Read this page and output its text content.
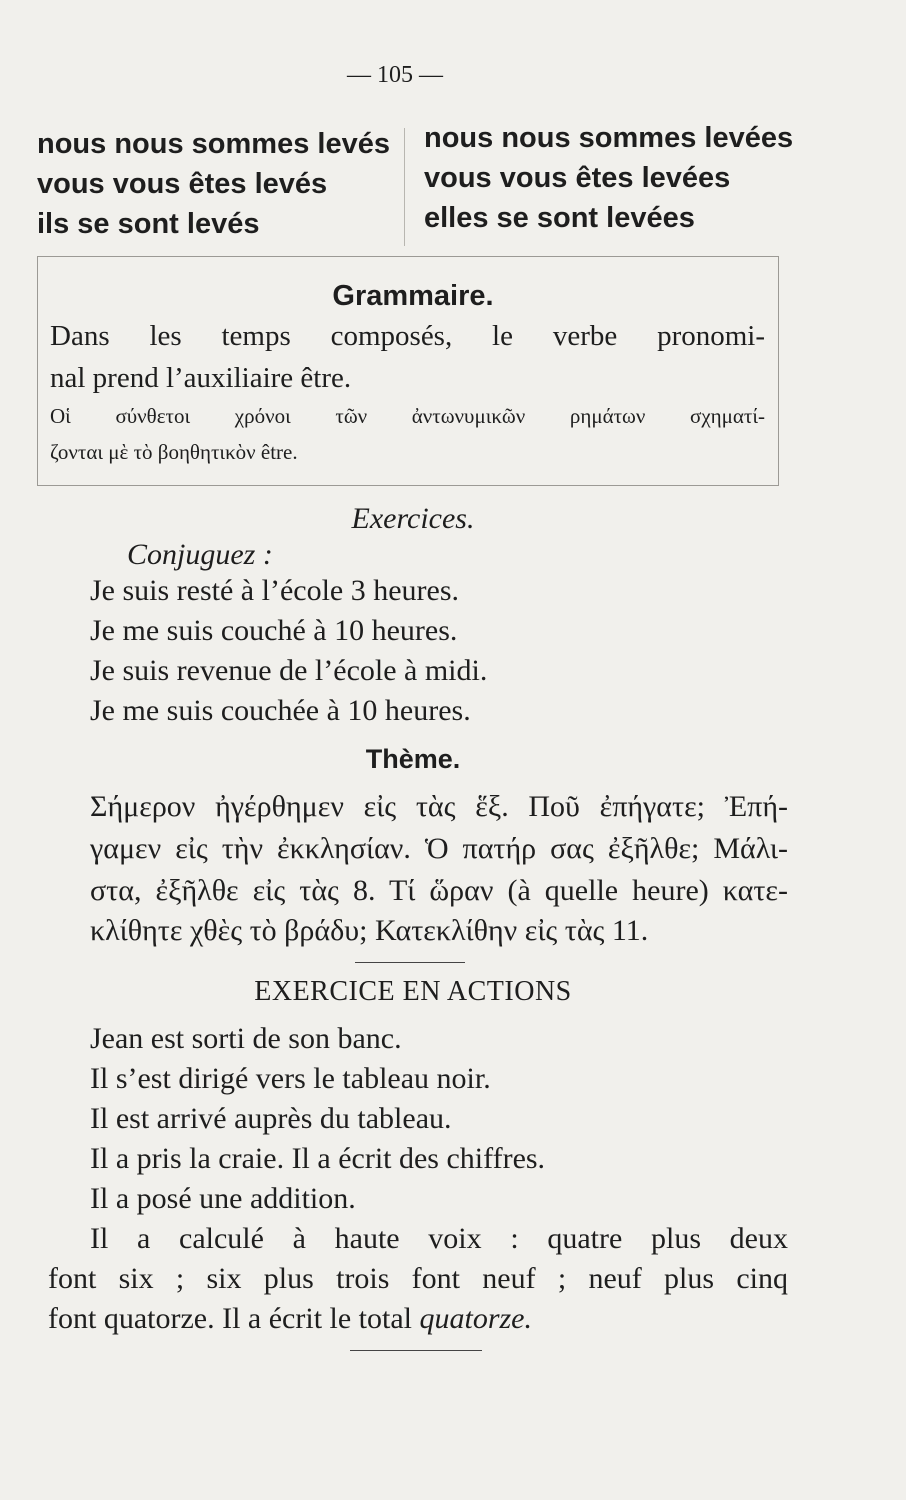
— 105 —
nous nous sommes levés
vous vous êtes levés
ils se sont levés
nous nous sommes levées
vous vous êtes levées
elles se sont levées
Grammaire.
Dans les temps composés, le verbe pronomi-
nal prend l’auxiliaire être.
Οἱ σύνθετοι χρόνοι τῶν ἀντωνυμικῶν ρημάτων σχηματί-
ζονται μὲ τὸ βοηθητικὸν être.
Exercices.
Conjuguez :
Je suis resté à l’école 3 heures.
Je me suis couché à 10 heures.
Je suis revenue de l’école à midi.
Je me suis couchée à 10 heures.
Thème.
Σήμερον ἠγέρθημεν εἰς τὰς ἕξ. Ποῦ ἐπήγατε; Ἐπή-
γαμεν εἰς τὴν ἐκκλησίαν. Ὁ πατήρ σας ἐξῆλθε; Μάλι-
στα, ἐξῆλθε εἰς τὰς 8. Τί ὥραν (à quelle heure) κατε-
κλίθητε χθὲς τὸ βράδυ; Κατεκλίθην εἰς τὰς 11.
EXERCICE EN ACTIONS
Jean est sorti de son banc.
Il s’est dirigé vers le tableau noir.
Il est arrivé auprès du tableau.
Il a pris la craie. Il a écrit des chiffres.
Il a posé une addition.
Il a calculé à haute voix : quatre plus deux
font six ; six plus trois font neuf ; neuf plus cinq
font quatorze. Il a écrit le total quatorze.
